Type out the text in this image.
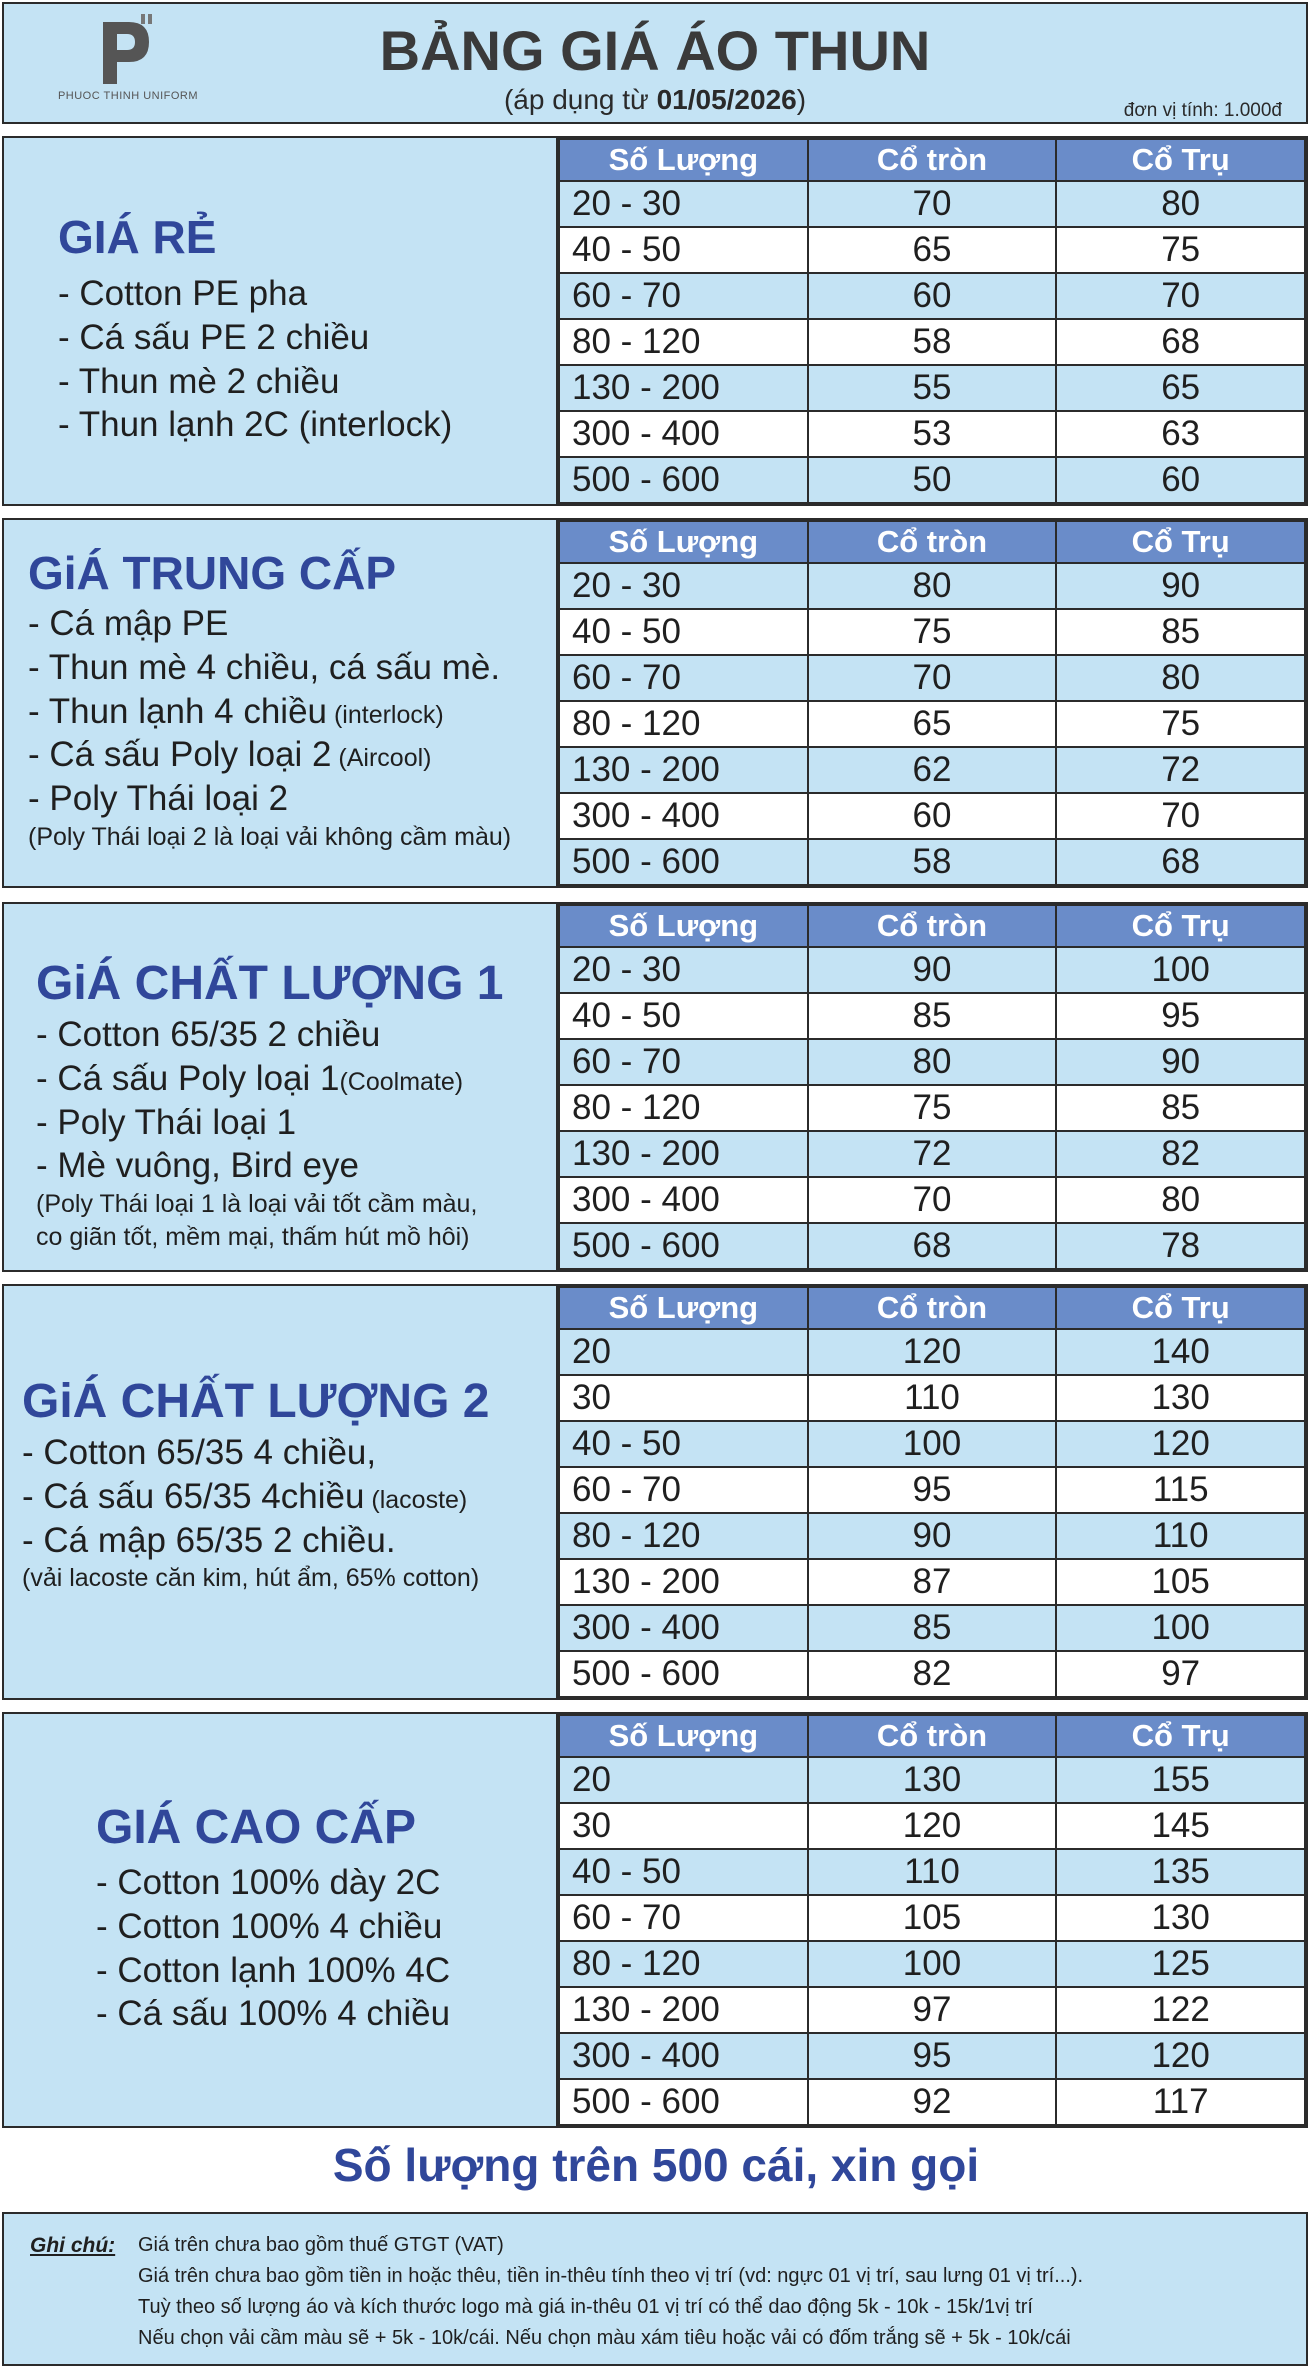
PHUOC THINH UNIFORM
BẢNG GIÁ ÁO THUN
(áp dụng từ 01/05/2026)	đơn vị tính: 1.000đ
GIÁ RẺ
- Cotton PE pha
- Cá sấu PE 2 chiều
- Thun mè 2 chiều
- Thun lạnh 2C (interlock)
Số Lượng	Cổ tròn	Cổ Trụ
20 - 30	70	80
40 - 50	65	75
60 - 70	60	70
80 - 120	58	68
130 - 200	55	65
300 - 400	53	63
500 - 600	50	60
GiÁ TRUNG CẤP
- Cá mập PE
- Thun mè 4 chiều, cá sấu mè.
- Thun lạnh 4 chiều (interlock)
- Cá sấu Poly loại 2 (Aircool)
- Poly Thái loại 2
(Poly Thái loại 2 là loại vải không cầm màu)
Số Lượng	Cổ tròn	Cổ Trụ
20 - 30	80	90
40 - 50	75	85
60 - 70	70	80
80 - 120	65	75
130 - 200	62	72
300 - 400	60	70
500 - 600	58	68
GiÁ CHẤT LƯỢNG 1
- Cotton 65/35 2 chiều
- Cá sấu Poly loại 1(Coolmate)
- Poly Thái loại 1
- Mè vuông, Bird eye
(Poly Thái loại 1 là loại vải tốt cầm màu,
co giãn tốt, mềm mại, thấm hút mồ hôi)
Số Lượng	Cổ tròn	Cổ Trụ
20 - 30	90	100
40 - 50	85	95
60 - 70	80	90
80 - 120	75	85
130 - 200	72	82
300 - 400	70	80
500 - 600	68	78
GiÁ CHẤT LƯỢNG 2
- Cotton 65/35 4 chiều,
- Cá sấu 65/35 4chiều (lacoste)
- Cá mập 65/35 2 chiều.
(vải lacoste căn kim, hút ẩm, 65% cotton)
Số Lượng	Cổ tròn	Cổ Trụ
20	120	140
30	110	130
40 - 50	100	120
60 - 70	95	115
80 - 120	90	110
130 - 200	87	105
300 - 400	85	100
500 - 600	82	97
GIÁ CAO CẤP
- Cotton 100% dày 2C
- Cotton 100% 4 chiều
- Cotton lạnh 100% 4C
- Cá sấu 100% 4 chiều
Số Lượng	Cổ tròn	Cổ Trụ
20	130	155
30	120	145
40 - 50	110	135
60 - 70	105	130
80 - 120	100	125
130 - 200	97	122
300 - 400	95	120
500 - 600	92	117
Số lượng trên 500 cái, xin gọi
Ghi chú: Giá trên chưa bao gồm thuế GTGT (VAT)
Giá trên chưa bao gồm tiền in hoặc thêu, tiền in-thêu tính theo vị trí (vd: ngực 01 vị trí, sau lưng 01 vị trí...).
Tuỳ theo số lượng áo và kích thước logo mà giá in-thêu 01 vị trí có thể dao động 5k - 10k - 15k/1vị trí
Nếu chọn vải cầm màu sẽ + 5k - 10k/cái. Nếu chọn màu xám tiêu hoặc vải có đốm trắng sẽ + 5k - 10k/cái
